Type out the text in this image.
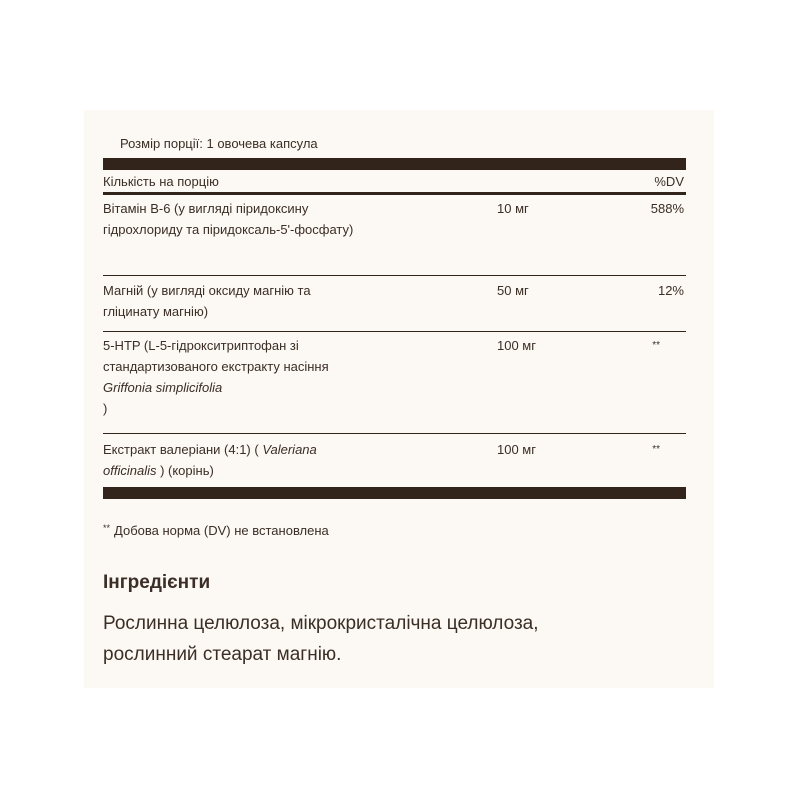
Розмір порції: 1 овочева капсула
Кількість на порцію	%DV
Вітамін B-6 (у вигляді піридоксину
гідрохлориду та піридоксаль-5'-фосфату)
10 мг	588%
Магній (у вигляді оксиду магнію та
гліцинату магнію)
50 мг	12%
5-HTP (L-5-гідрокситриптофан зі
стандартизованого екстракту насіння
Griffonia simplicifolia
)
100 мг	**
Екстракт валеріани (4:1) ( Valeriana
officinalis ) (корінь)
100 мг	**
** Добова норма (DV) не встановлена
Інгредієнти
Рослинна целюлоза, мікрокристалічна целюлоза,
рослинний стеарат магнію.
